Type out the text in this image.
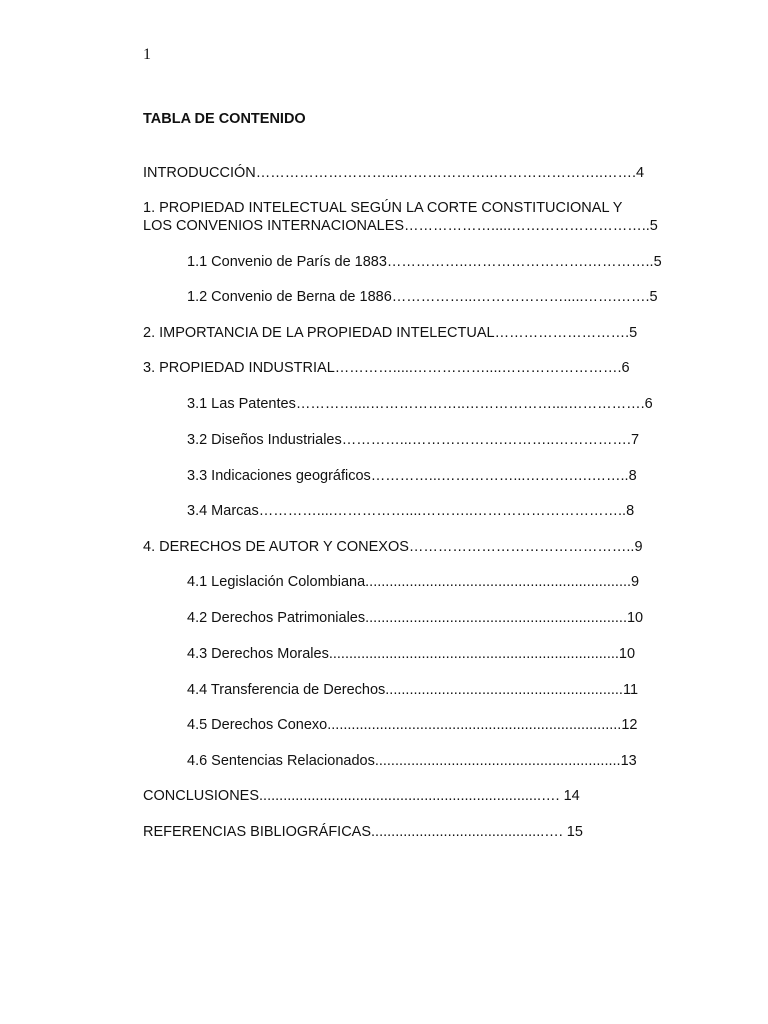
1
TABLA DE CONTENIDO
INTRODUCCIÓN………………………...………………..…………………..…….4
1. PROPIEDAD INTELECTUAL SEGÚN LA CORTE CONSTITUCIONAL Y
LOS CONVENIOS INTERNACIONALES……………….....………………………..5
1.1 Convenio de París de 1883……………..…………………….…………..5
1.2 Convenio de Berna de 1886……………...……………….....…….…….5
2. IMPORTANCIA DE LA PROPIEDAD INTELECTUAL……………………….5
3. PROPIEDAD INDUSTRIAL………….....……………....…………………….6
3.1 Las Patentes…………....………………..………………....…………….6
3.2 Diseños Industriales…………...……………….………..…………….7
3.3 Indicaciones geográficos…………...……………...……….….……..8
3.4 Marcas…………....……………....………..…………………………..8
4. DERECHOS DE AUTOR Y CONEXOS………………………………………..9
4.1 Legislación Colombiana..................................................................9
4.2 Derechos Patrimoniales.................................................................10
4.3 Derechos Morales........................................................................10
4.4 Transferencia de Derechos...........................................................11
4.5 Derechos Conexo.........................................................................12
4.6 Sentencias Relacionados.............................................................13
CONCLUSIONES......................................................................…. 14
REFERENCIAS BIBLIOGRÁFICAS...........................................…. 15
